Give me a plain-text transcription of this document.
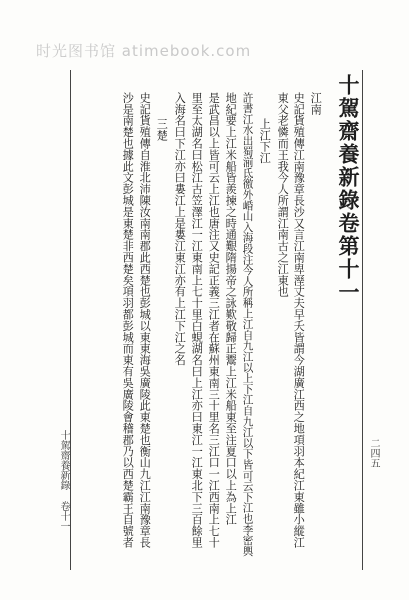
时光图书馆 atimebook.com
十駕齋養新錄卷第十一
江南
史記貨殖傳江南豫章長沙又言江南卑溼丈夫早夭皆謂今湖廣江西之地項羽本紀江東雖小縱江
東父老憐而王我今人所謂江南古之江東也
上江下江
許書江水出蜀湔氐徼外崏山入海段注今人所稱上江自九江以上下江自九江以下皆可云下江也李密輿
地紀要上江米船皆羨揀之時通艱隋揚帝之詠歎敬歸正鬻上江米船東至注夏口以上為上江
是武昌以上皆可云上江也唐注又史記正義三江者在蘇州東南三十里名三江口一江西南上七十
里至太湖名曰松江古笠澤江一江東南上七十里白蜆湖名曰上江亦曰東江一江東北下三百餘里
入海名曰下江亦曰婁江上是婁江東江亦有上江下江之名
三楚
史記貨殖傳自淮北沛陳汝南南郡此西楚也彭城以東東海吳廣陵此東楚也衡山九江江南豫章長
沙是南楚也據此文彭城是東楚非西楚矣項羽都彭城而東有吳廣陵會稽郡乃以西楚霸王自號者
十駕齋養新錄 卷十一	二四五
